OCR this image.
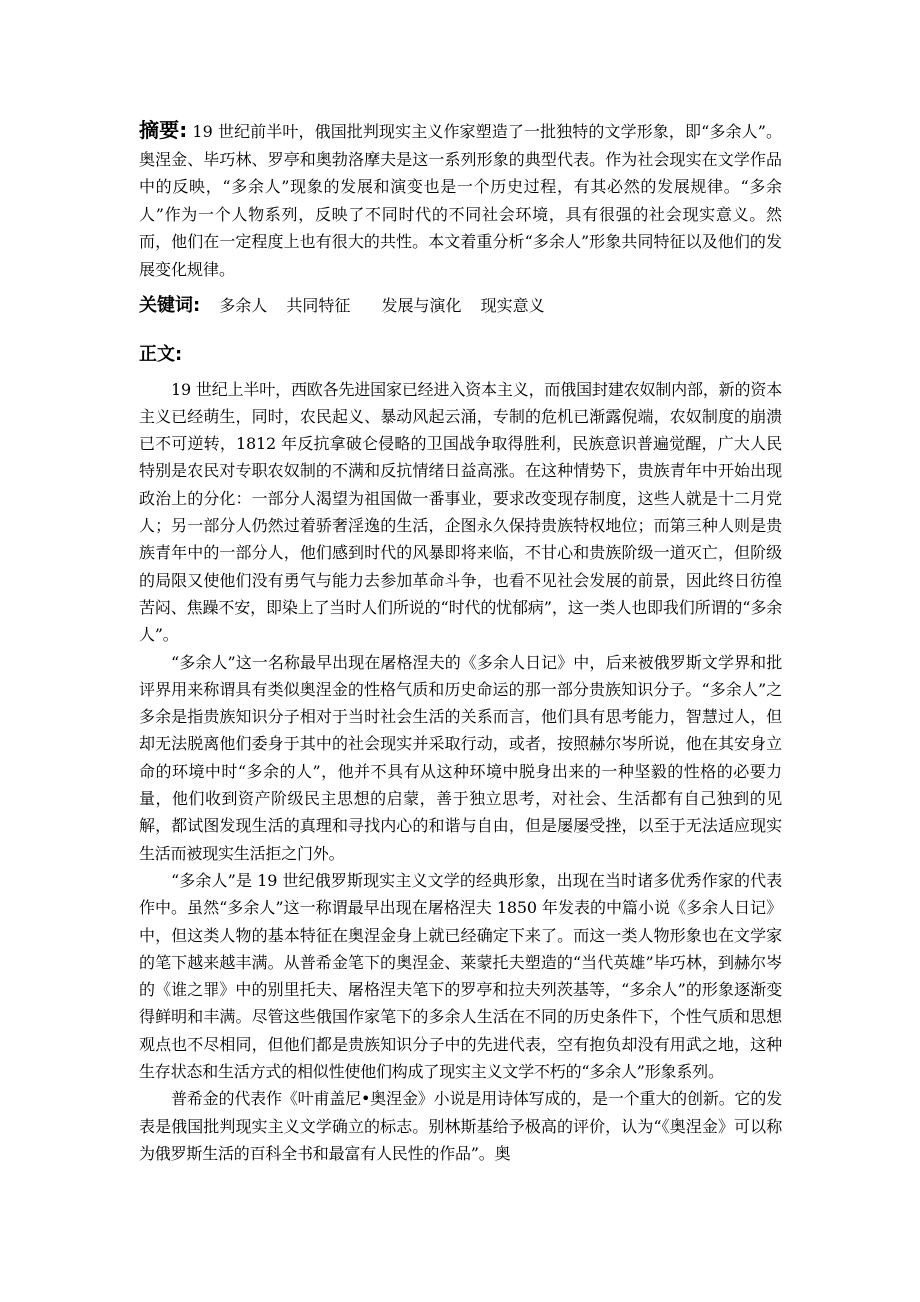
摘要: 19 世纪前半叶，俄国批判现实主义作家塑造了一批独特的文学形象，即“多余人”。奥涅金、毕巧林、罗亭和奥勃洛摩夫是这一系列形象的典型代表。作为社会现实在文学作品中的反映，“多余人”现象的发展和演变也是一个历史过程，有其必然的发展规律。“多余人”作为一个人物系列，反映了不同时代的不同社会环境，具有很强的社会现实意义。然而，他们在一定程度上也有很大的共性。本文着重分析“多余人”形象共同特征以及他们的发展变化规律。
关键词: 多余人 共同特征 发展与演化 现实意义
正文:

19 世纪上半叶，西欧各先进国家已经进入资本主义，而俄国封建农奴制内部，新的资本主义已经萌生，同时，农民起义、暴动风起云涌，专制的危机已渐露倪端，农奴制度的崩溃已不可逆转，1812 年反抗拿破仑侵略的卫国战争取得胜利，民族意识普遍觉醒，广大人民特别是农民对专职农奴制的不满和反抗情绪日益高涨。在这种情势下，贵族青年中开始出现政治上的分化：一部分人渴望为祖国做一番事业，要求改变现存制度，这些人就是十二月党人；另一部分人仍然过着骄奢淫逸的生活，企图永久保持贵族特权地位；而第三种人则是贵族青年中的一部分人，他们感到时代的风暴即将来临，不甘心和贵族阶级一道灭亡，但阶级的局限又使他们没有勇气与能力去参加革命斗争，也看不见社会发展的前景，因此终日彷徨苦闷、焦躁不安，即染上了当时人们所说的“时代的忧郁病”，这一类人也即我们所谓的“多余人”。

“多余人”这一名称最早出现在屠格涅夫的《多余人日记》中，后来被俄罗斯文学界和批评界用来称谓具有类似奥涅金的性格气质和历史命运的那一部分贵族知识分子。“多余人”之多余是指贵族知识分子相对于当时社会生活的关系而言，他们具有思考能力，智慧过人，但却无法脱离他们委身于其中的社会现实并采取行动，或者，按照赫尔岑所说，他在其安身立命的环境中时“多余的人”，他并不具有从这种环境中脱身出来的一种坚毅的性格的必要力量，他们收到资产阶级民主思想的启蒙，善于独立思考，对社会、生活都有自己独到的见解，都试图发现生活的真理和寻找内心的和谐与自由，但是屡屡受挫，以至于无法适应现实生活而被现实生活拒之门外。

“多余人”是 19 世纪俄罗斯现实主义文学的经典形象，出现在当时诸多优秀作家的代表作中。虽然“多余人”这一称谓最早出现在屠格涅夫 1850 年发表的中篇小说《多余人日记》中，但这类人物的基本特征在奥涅金身上就已经确定下来了。而这一类人物形象也在文学家的笔下越来越丰满。从普希金笔下的奥涅金、莱蒙托夫塑造的“当代英雄”毕巧林，到赫尔岑的《谁之罪》中的别里托夫、屠格涅夫笔下的罗亭和拉夫列茨基等，“多余人”的形象逐渐变得鲜明和丰满。尽管这些俄国作家笔下的多余人生活在不同的历史条件下，个性气质和思想观点也不尽相同，但他们都是贵族知识分子中的先进代表，空有抱负却没有用武之地，这种生存状态和生活方式的相似性使他们构成了现实主义文学不朽的“多余人”形象系列。

普希金的代表作《叶甫盖尼•奥涅金》小说是用诗体写成的，是一个重大的创新。它的发表是俄国批判现实主义文学确立的标志。别林斯基给予极高的评价，认为“《奥涅金》可以称为俄罗斯生活的百科全书和最富有人民性的作品”。奥
